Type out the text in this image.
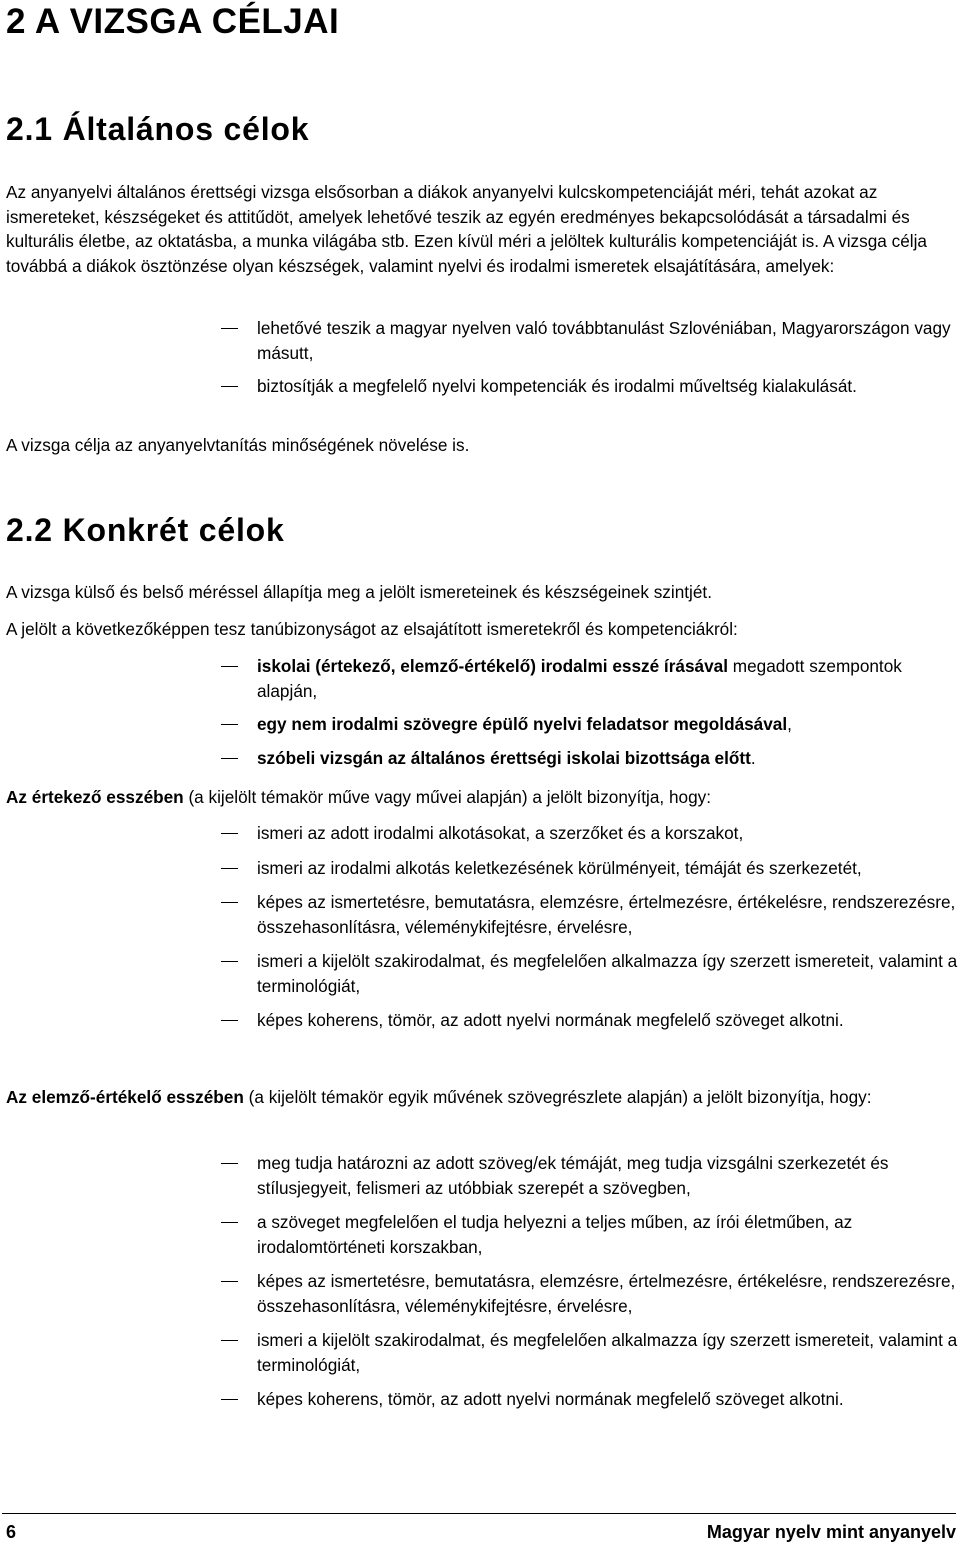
2 A VIZSGA CÉLJAI
2.1 Általános célok
Az anyanyelvi általános érettségi vizsga elsősorban a diákok anyanyelvi kulcskompetenciáját méri, tehát azokat az ismereteket, készségeket és attitűdöt, amelyek lehetővé teszik az egyén eredményes bekapcsolódását a társadalmi és kulturális életbe, az oktatásba, a munka világába stb. Ezen kívül méri a jelöltek kulturális kompetenciáját is. A vizsga célja továbbá a diákok ösztönzése olyan készségek, valamint nyelvi és irodalmi ismeretek elsajátítására, amelyek:
lehetővé teszik a magyar nyelven való továbbtanulást Szlovéniában, Magyarországon vagy másutt,
biztosítják a megfelelő nyelvi kompetenciák és irodalmi műveltség kialakulását.
A vizsga célja az anyanyelvtanítás minőségének növelése is.
2.2 Konkrét célok
A vizsga külső és belső méréssel állapítja meg a jelölt ismereteinek és készségeinek szintjét.
A jelölt a következőképpen tesz tanúbizonyságot az elsajátított ismeretekről és kompetenciákról:
iskolai (értekező, elemző-értékelő) irodalmi esszé írásával megadott szempontok alapján,
egy nem irodalmi szövegre épülő nyelvi feladatsor megoldásával,
szóbeli vizsgán az általános érettségi iskolai bizottsága előtt.
Az értekező esszében (a kijelölt témakör műve vagy művei alapján) a jelölt bizonyítja, hogy:
ismeri az adott irodalmi alkotásokat, a szerzőket és a korszakot,
ismeri az irodalmi alkotás keletkezésének körülményeit, témáját és szerkezetét,
képes az ismertetésre, bemutatásra, elemzésre, értelmezésre, értékelésre, rendszerezésre, összehasonlításra, véleménykifejtésre, érvelésre,
ismeri a kijelölt szakirodalmat, és megfelelően alkalmazza így szerzett ismereteit, valamint a terminológiát,
képes koherens, tömör, az adott nyelvi normának megfelelő szöveget alkotni.
Az elemző-értékelő esszében (a kijelölt témakör egyik művének szövegrészlete alapján) a jelölt bizonyítja, hogy:
meg tudja határozni az adott szöveg/ek témáját, meg tudja vizsgálni szerkezetét és stílusjegyeit, felismeri az utóbbiak szerepét a szövegben,
a szöveget megfelelően el tudja helyezni a teljes műben, az írói életműben, az irodalomtörténeti korszakban,
képes az ismertetésre, bemutatásra, elemzésre, értelmezésre, értékelésre, rendszerezésre, összehasonlításra, véleménykifejtésre, érvelésre,
ismeri a kijelölt szakirodalmat, és megfelelően alkalmazza így szerzett ismereteit, valamint a terminológiát,
képes koherens, tömör, az adott nyelvi normának megfelelő szöveget alkotni.
6	Magyar nyelv mint anyanyelv
